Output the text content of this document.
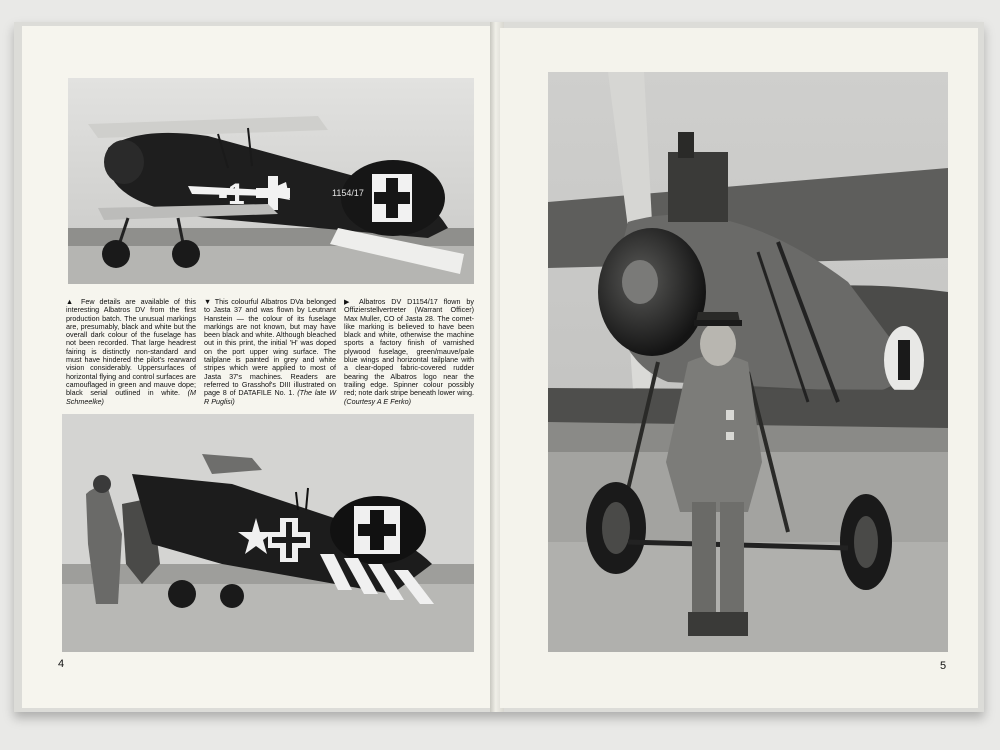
1154/17
-1

▲ Few details are available of this interesting Albatros DV from the first production batch. The unusual markings are, presumably, black and white but the overall dark colour of the fuselage has not been recorded. That large headrest fairing is distinctly non-standard and must have hindered the pilot's rearward vision considerably. Uppersurfaces of horizontal flying and control surfaces are camouflaged in green and mauve dope; black serial outlined in white. (M Schmeelke)

▼ This colourful Albatros DVa belonged to Jasta 37 and was flown by Leutnant Hanstein — the colour of its fuselage markings are not known, but may have been black and white. Although bleached out in this print, the initial 'H' was doped on the port upper wing surface. The tailplane is painted in grey and white stripes which were applied to most of Jasta 37's machines. Readers are referred to Grasshof's DIII illustrated on page 8 of DATAFILE No. 1. (The late W R Puglisi)

▶ Albatros DV D1154/17 flown by Offizierstellvertreter (Warrant Officer) Max Muller, CO of Jasta 28. The comet-like marking is believed to have been black and white, otherwise the machine sports a factory finish of varnished plywood fuselage, green/mauve/pale blue wings and horizontal tailplane with a clear-doped fabric-covered rudder bearing the Albatros logo near the trailing edge. Spinner colour possibly red; note dark stripe beneath lower wing. (Courtesy A E Ferko)

4	5
